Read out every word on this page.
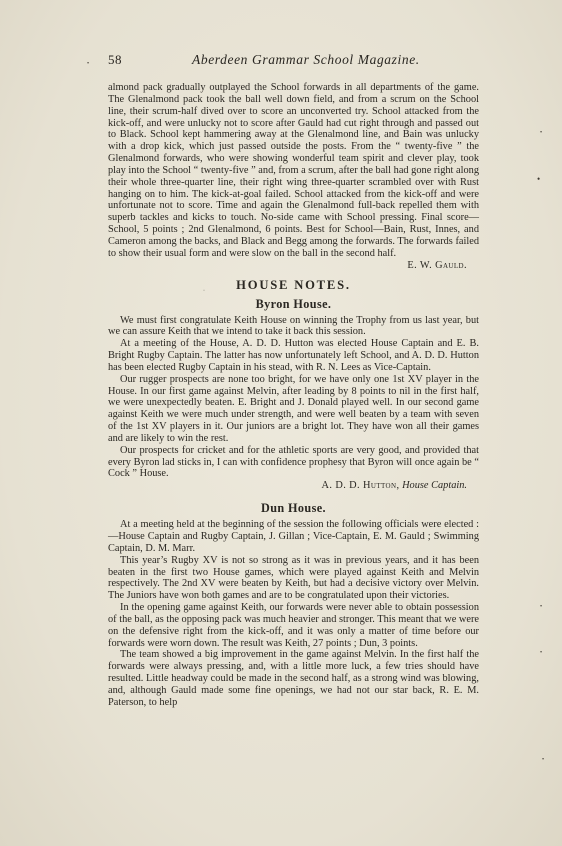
58	Aberdeen Grammar School Magazine.

almond pack gradually outplayed the School forwards in all departments of the game. The Glenalmond pack took the ball well down field, and from a scrum on the School line, their scrum-half dived over to score an unconverted try. School attacked from the kick-off, and were unlucky not to score after Gauld had cut right through and passed out to Black. School kept hammering away at the Glenalmond line, and Bain was unlucky with a drop kick, which just passed outside the posts. From the “ twenty-five ” the Glenalmond forwards, who were showing wonderful team spirit and clever play, took play into the School “ twenty-five ” and, from a scrum, after the ball had gone right along their whole three-quarter line, their right wing three-quarter scrambled over with Rust hanging on to him. The kick-at-goal failed. School attacked from the kick-off and were unfortunate not to score. Time and again the Glenalmond full-back repelled them with superb tackles and kicks to touch. No-side came with School pressing. Final score—School, 5 points ; 2nd Glenalmond, 6 points. Best for School—Bain, Rust, Innes, and Cameron among the backs, and Black and Begg among the forwards. The forwards failed to show their usual form and were slow on the ball in the second half.

E. W. Gauld.

HOUSE NOTES.
Byron House.

We must first congratulate Keith House on winning the Trophy from us last year, but we can assure Keith that we intend to take it back this session.

At a meeting of the House, A. D. D. Hutton was elected House Captain and E. B. Bright Rugby Captain. The latter has now unfortunately left School, and A. D. D. Hutton has been elected Rugby Captain in his stead, with R. N. Lees as Vice-Captain.

Our rugger prospects are none too bright, for we have only one 1st XV player in the House. In our first game against Melvin, after leading by 8 points to nil in the first half, we were unexpectedly beaten. E. Bright and J. Donald played well. In our second game against Keith we were much under strength, and were well beaten by a team with seven of the 1st XV players in it. Our juniors are a bright lot. They have won all their games and are likely to win the rest.

Our prospects for cricket and for the athletic sports are very good, and provided that every Byron lad sticks in, I can with confidence prophesy that Byron will once again be “ Cock ” House.

A. D. D. Hutton, House Captain.

Dun House.

At a meeting held at the beginning of the session the following officials were elected :—House Captain and Rugby Captain, J. Gillan ; Vice-Captain, E. M. Gauld ; Swimming Captain, D. M. Marr.

This year’s Rugby XV is not so strong as it was in previous years, and it has been beaten in the first two House games, which were played against Keith and Melvin respectively. The 2nd XV were beaten by Keith, but had a decisive victory over Melvin. The Juniors have won both games and are to be congratulated upon their victories.

In the opening game against Keith, our forwards were never able to obtain possession of the ball, as the opposing pack was much heavier and stronger. This meant that we were on the defensive right from the kick-off, and it was only a matter of time before our forwards were worn down. The result was Keith, 27 points ; Dun, 3 points.

The team showed a big improvement in the game against Melvin. In the first half the forwards were always pressing, and, with a little more luck, a few tries should have resulted. Little headway could be made in the second half, as a strong wind was blowing, and, although Gauld made some fine openings, we had not our star back, R. E. M. Paterson, to help

•
•
•
·
•
•
•
